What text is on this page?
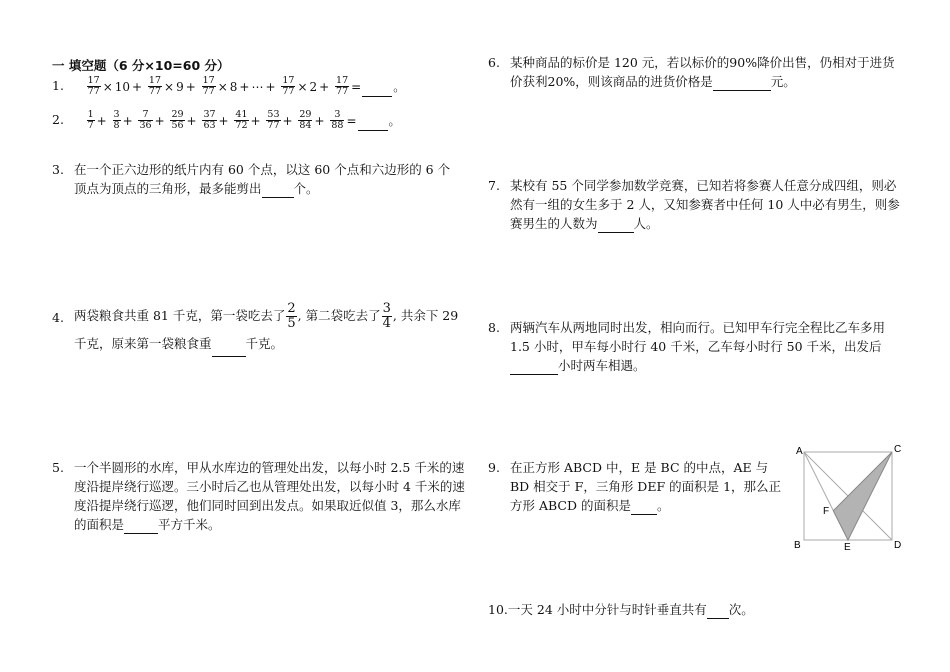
一 填空题（6 分×10=60 分）
1. $\frac{17}{77} \times 10 + \frac{17}{77} \times 9 + \frac{17}{77} \times 8$ + ⋯ + $\frac{17}{77} \times 2 + \frac{17}{77}$ =	。
2. $\frac{1}{7} + \frac{3}{8} + \frac{7}{36} + \frac{29}{56} + \frac{37}{63} + \frac{41}{72} + \frac{53}{77} + \frac{29}{84} + \frac{3}{88}$ =	。
3. 在一个正六边形的纸片内有 60 个点，以这 60 个点和六边形的 6 个顶点为顶点的三角形，最多能剪出	个。
4. 两袋粮食共重 81 千克，第一袋吃去了 $\frac{2}{5}$ , 第二袋吃去了 $\frac{3}{4}$ , 共余下 29
千克，原来第一袋粮食重	千克。
5. 一个半圆形的水库，甲从水库边的管理处出发，以每小时 2.5 千米的速度沿提岸绕行巡逻。三小时后乙也从管理处出发，以每小时 4 千米的速度沿提岸绕行巡逻，他们同时回到出发点。如果取近似值 3，那么水库的面积是	平方千米。
6. 某种商品的标价是 120 元，若以标价的90%降价出售，仍相对于进货价获利20%，则该商品的进货价格是	元。
7. 某校有 55 个同学参加数学竞赛，已知若将参赛人任意分成四组，则必然有一组的女生多于 2 人，又知参赛者中任何 10 人中必有男生，则参赛男生的人数为	人。
8. 两辆汽车从两地同时出发，相向而行。已知甲车行完全程比乙车多用 1.5 小时，甲车每小时行 40 千米，乙车每小时行 50 千米，出发后小时两车相遇。
9. 在正方形 ABCD 中，E 是 BC 的中点，AE 与 BD 相交于 F，三角形 DEF 的面积是 1，那么正方形 ABCD 的面积是 。
A	C
B	D
E
F
10.一天 24 小时中分针与时针垂直共有 次。
